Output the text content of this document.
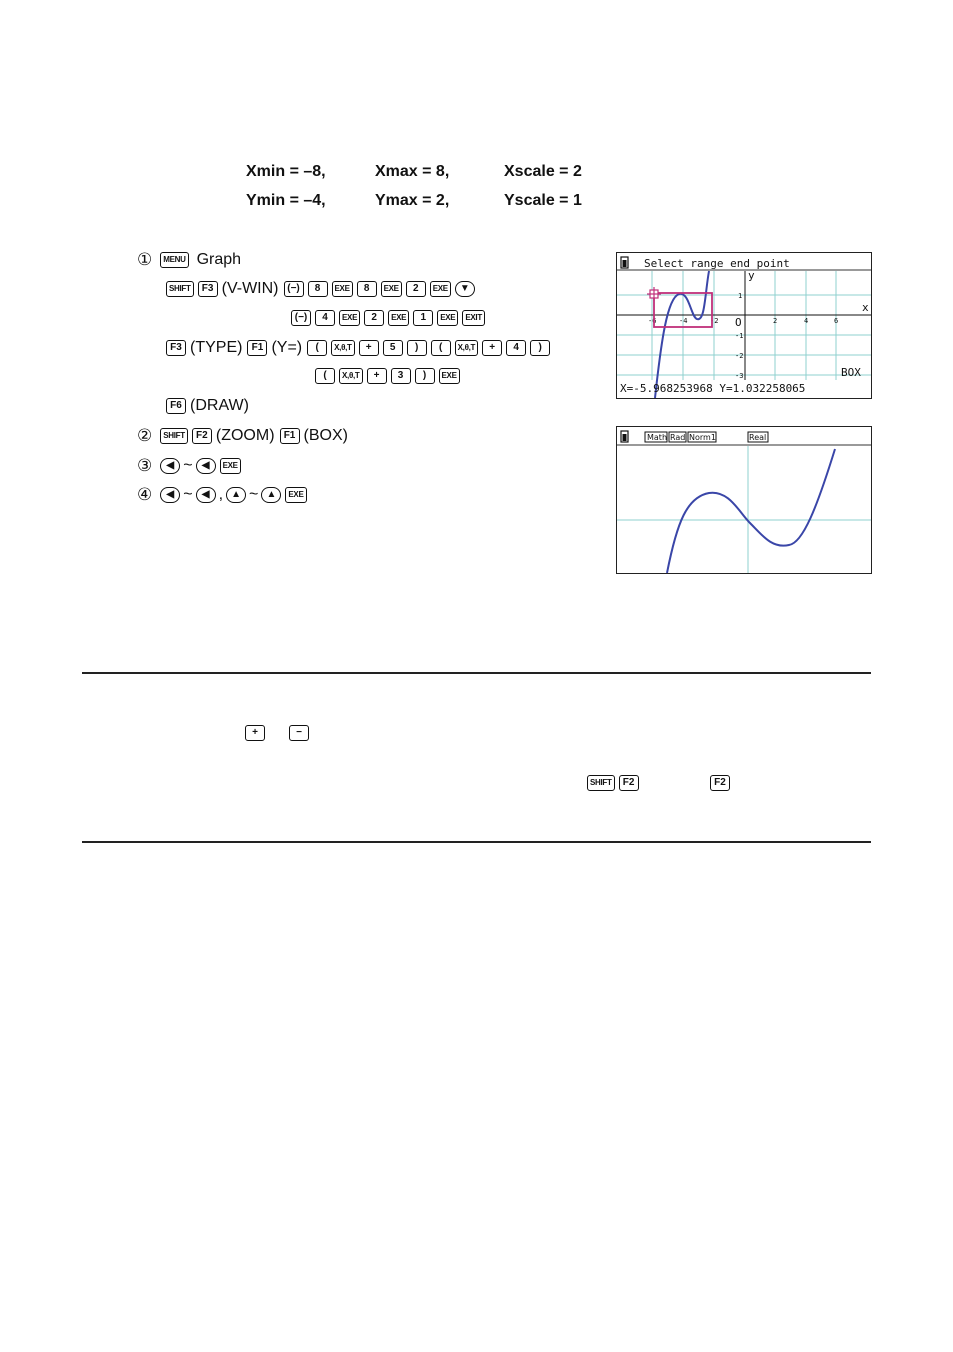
Xmin = –8,	Xmax = 8,	Xscale = 2
Ymin = –4,	Ymax = 2,	Yscale = 1
①	MENU Graph
SHIFT	F3 (V-WIN) (−)	8	EXE	8	EXE	2	EXE	▼
(−)	4	EXE	2	EXE	1	EXE	EXIT
F3 (TYPE) F1 (Y=)	(	X,θ,T	+	5	)	(	X,θ,T	+	4	)
(	X,θ,T	+	3	)	EXE
F6 (DRAW)
②	SHIFT	F2 (ZOOM) F1 (BOX)
③	◀ ~ ◀	EXE
④	◀ ~ ◀ , ▲ ~ ▲	EXE
Select range end point
y
x
O
-6	-4	-2	2	4	6
1
-1
-2
-3	BOX
X=-5.968253968 Y=1.032258065
Math Rad Norm1	Real
+	−
SHIFT	F2	F2
